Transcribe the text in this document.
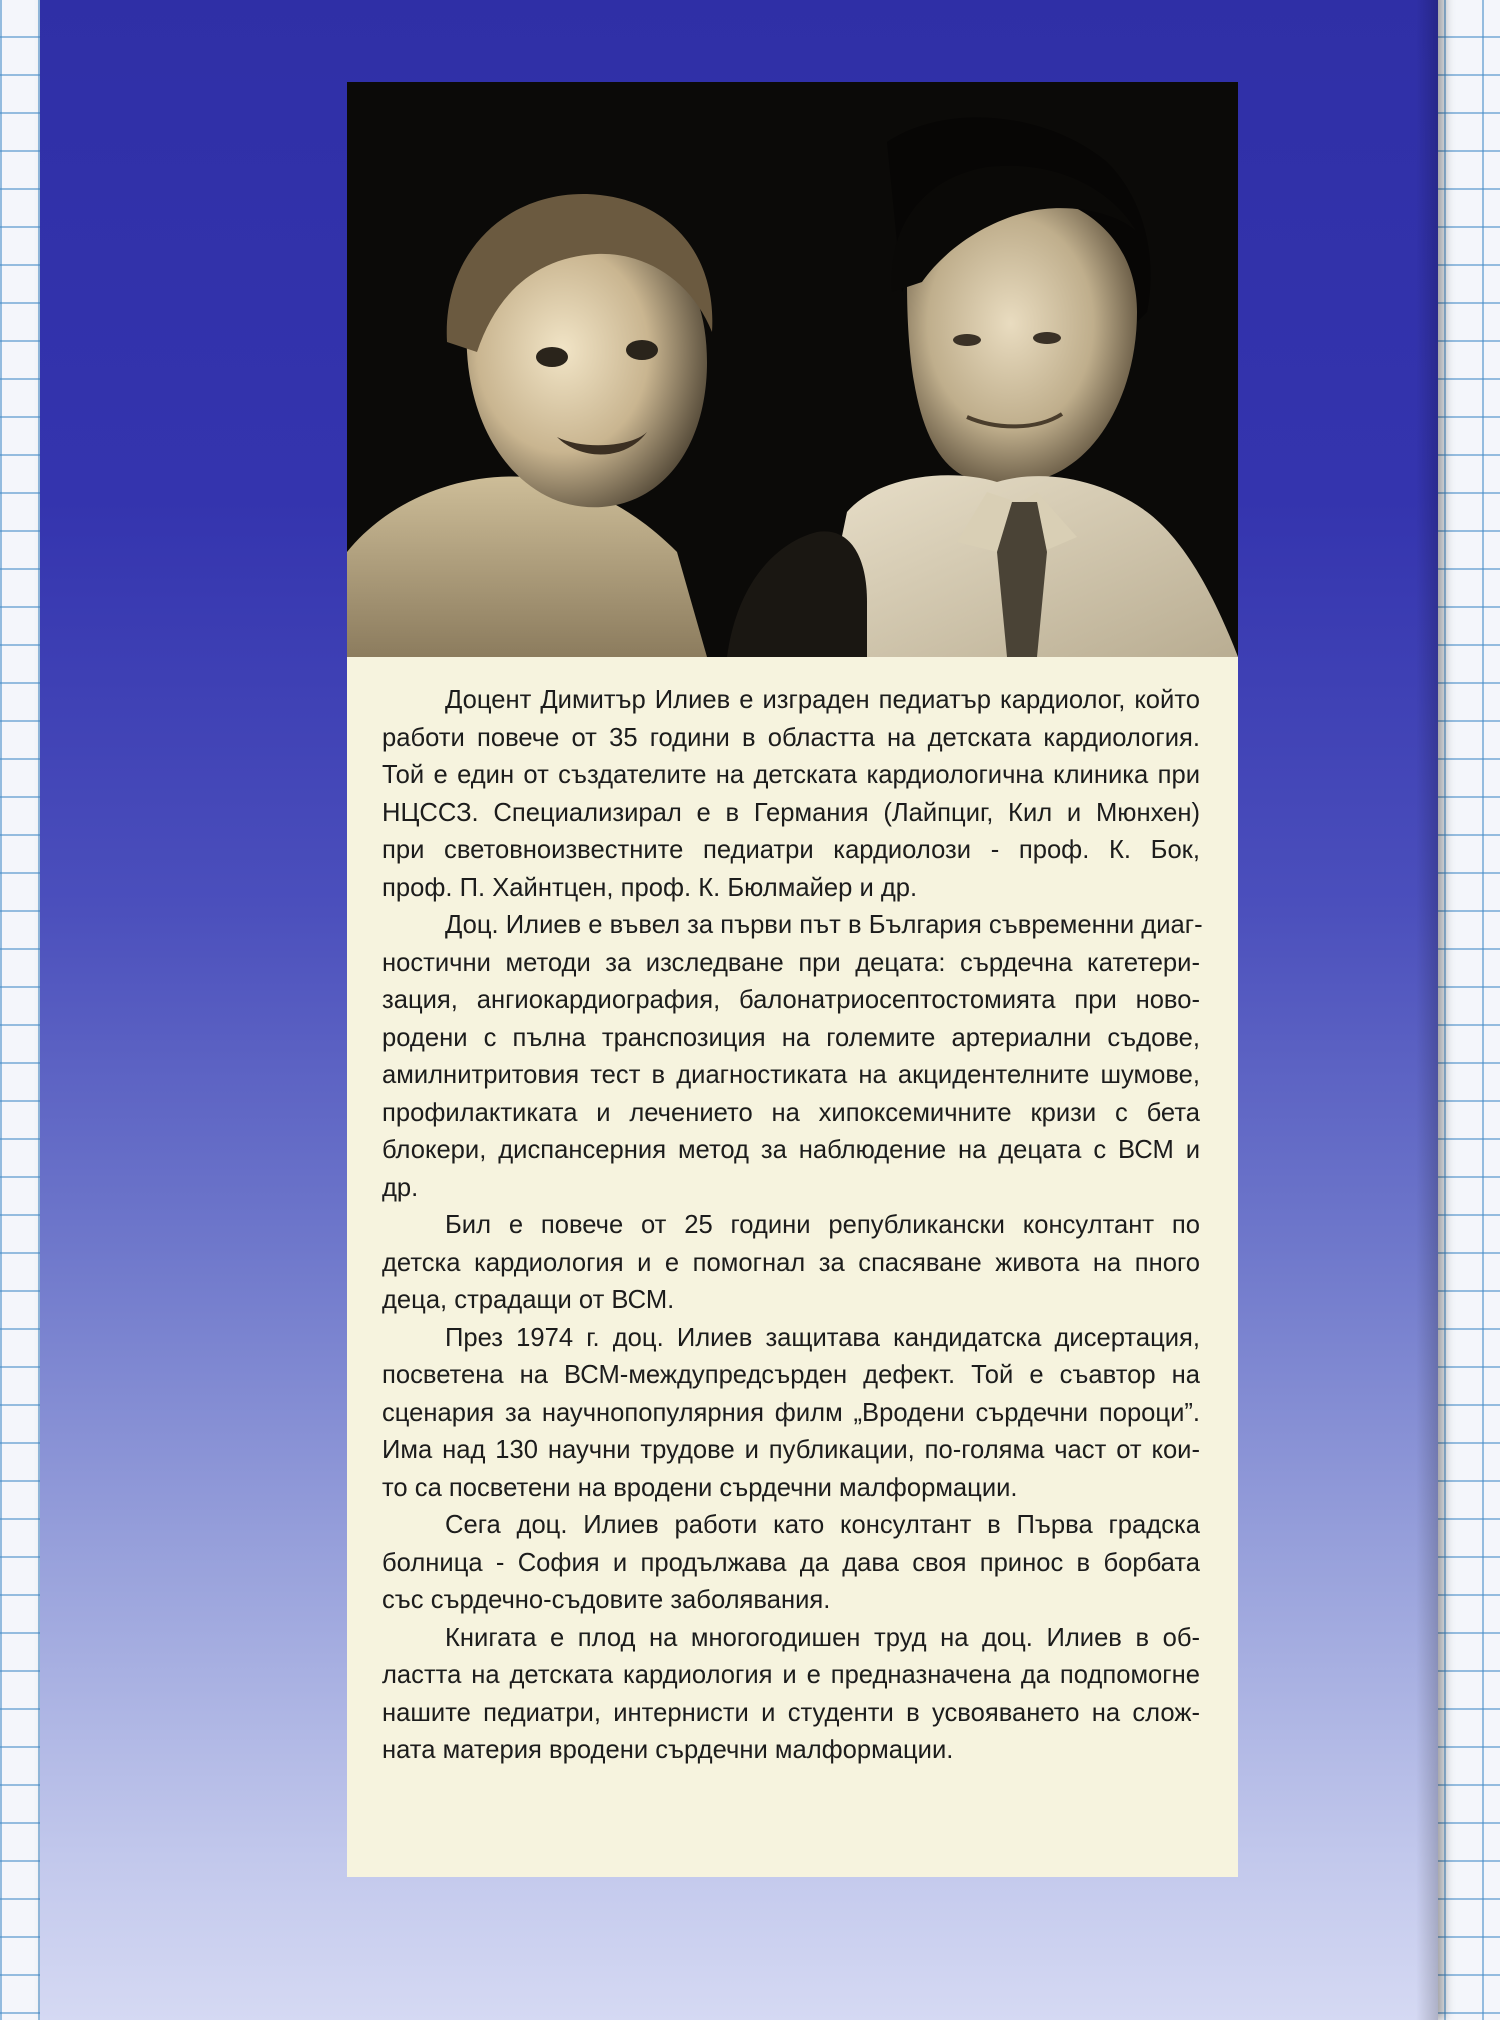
Доцент Димитър Илиев е изграден педиатър кардиолог, който
работи повече от 35 години в областта на детската кардиология.
Той е един от създателите на детската кардиологична клиника при
НЦССЗ. Специализирал е в Германия (Лайпциг, Кил и Мюнхен)
при световноизвестните педиатри кардиолози - проф. К. Бок,
проф. П. Хайнтцен, проф. К. Бюлмайер и др.
Доц. Илиев е въвел за първи път в България съвременни диаг-
ностични методи за изследване при децата: сърдечна катетери-
зация, ангиокардиография, балонатриосептостомията при ново-
родени с пълна транспозиция на големите артериални съдове,
амилнитритовия тест в диагностиката на акцидентелните шумове,
профилактиката и лечението на хипоксемичните кризи с бета
блокери, диспансерния метод за наблюдение на децата с ВСМ и
др.
Бил е повече от 25 години републикански консултант по
детска кардиология и е помогнал за спасяване живота на пного
деца, страдащи от ВСМ.
През 1974 г. доц. Илиев защитава кандидатска дисертация,
посветена на ВСМ-междупредсърден дефект. Той е съавтор на
сценария за научнопопулярния филм „Вродени сърдечни пороци”.
Има над 130 научни трудове и публикации, по-голяма част от кои-
то са посветени на вродени сърдечни малформации.
Сега доц. Илиев работи като консултант в Първа градска
болница - София и продължава да дава своя принос в борбата
със сърдечно-съдовите заболявания.
Книгата е плод на многогодишен труд на доц. Илиев в об-
ластта на детската кардиология и е предназначена да подпомогне
нашите педиатри, интернисти и студенти в усвояването на слож-
ната материя вродени сърдечни малформации.
